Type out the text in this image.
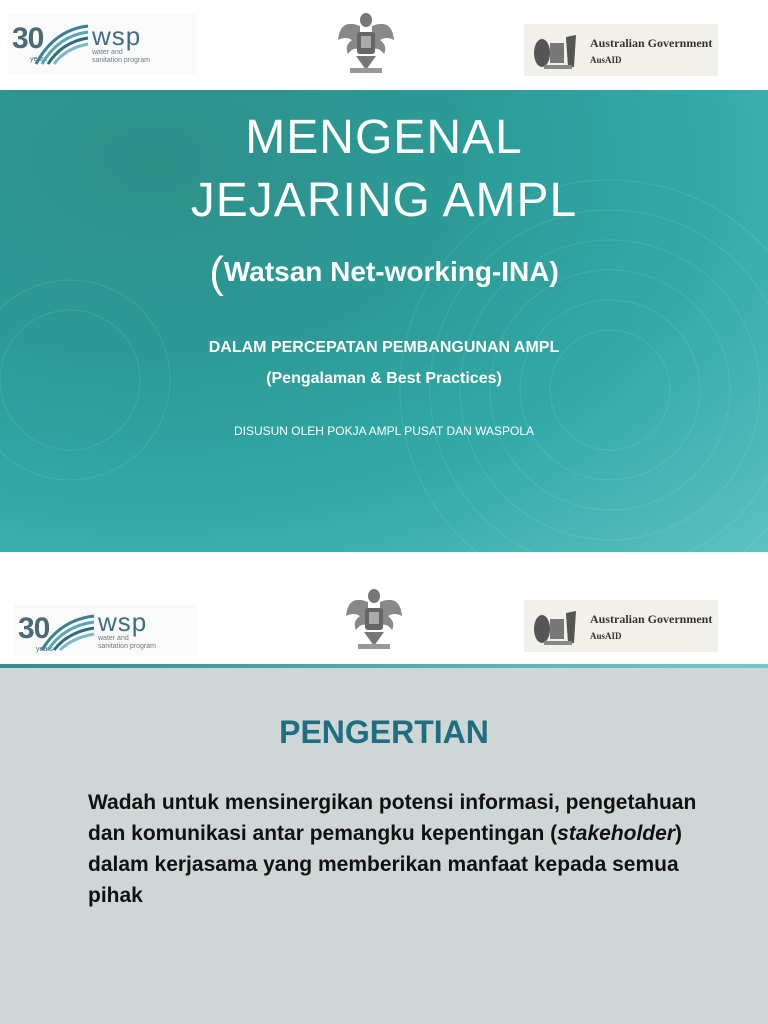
30
years
wsp
water and
sanitation program
Australian Government
AusAID
MENGENAL
JEJARING AMPL
(Watsan Net-working-INA)
DALAM PERCEPATAN PEMBANGUNAN AMPL
(Pengalaman & Best Practices)
DISUSUN OLEH POKJA AMPL PUSAT DAN WASPOLA
30
years
wsp
water and
sanitation program
Australian Government
AusAID
PENGERTIAN
Wadah untuk mensinergikan potensi informasi, pengetahuan dan komunikasi antar pemangku kepentingan (stakeholder) dalam kerjasama yang memberikan manfaat kepada semua pihak
